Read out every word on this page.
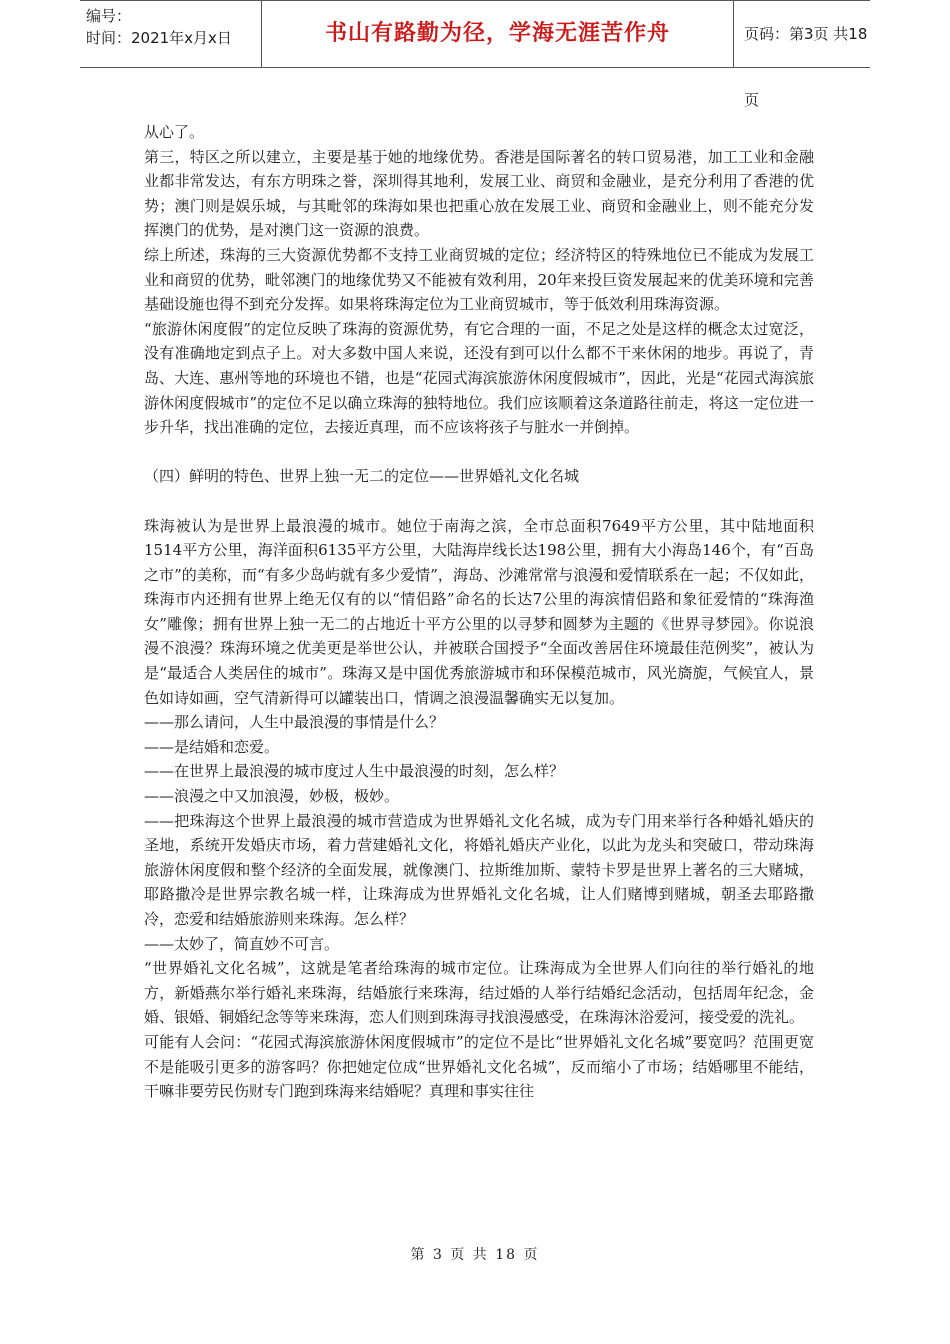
编号：
时间：2021年x月x日	书山有路勤为径，学海无涯苦作舟	页码：第3页 共18页

从心了。

第三，特区之所以建立，主要是基于她的地缘优势。香港是国际著名的转口贸易港，加工工业和金融业都非常发达，有东方明珠之誉，深圳得其地利，发展工业、商贸和金融业，是充分利用了香港的优势；澳门则是娱乐城，与其毗邻的珠海如果也把重心放在发展工业、商贸和金融业上，则不能充分发挥澳门的优势，是对澳门这一资源的浪费。

综上所述，珠海的三大资源优势都不支持工业商贸城的定位；经济特区的特殊地位已不能成为发展工业和商贸的优势，毗邻澳门的地缘优势又不能被有效利用，20年来投巨资发展起来的优美环境和完善基础设施也得不到充分发挥。如果将珠海定位为工业商贸城市，等于低效利用珠海资源。

“旅游休闲度假”的定位反映了珠海的资源优势，有它合理的一面，不足之处是这样的概念太过宽泛，没有准确地定到点子上。对大多数中国人来说，还没有到可以什么都不干来休闲的地步。再说了，青岛、大连、惠州等地的环境也不错，也是“花园式海滨旅游休闲度假城市”，因此，光是“花园式海滨旅游休闲度假城市”的定位不足以确立珠海的独特地位。我们应该顺着这条道路往前走，将这一定位进一步升华，找出准确的定位，去接近真理，而不应该将孩子与脏水一并倒掉。

（四）鲜明的特色、世界上独一无二的定位——世界婚礼文化名城

珠海被认为是世界上最浪漫的城市。她位于南海之滨，全市总面积7649平方公里，其中陆地面积1514平方公里，海洋面积6135平方公里，大陆海岸线长达198公里，拥有大小海岛146个，有“百岛之市”的美称，而“有多少岛屿就有多少爱情”，海岛、沙滩常常与浪漫和爱情联系在一起；不仅如此，珠海市内还拥有世界上绝无仅有的以“情侣路”命名的长达7公里的海滨情侣路和象征爱情的“珠海渔女”雕像；拥有世界上独一无二的占地近十平方公里的以寻梦和圆梦为主题的《世界寻梦园》。你说浪漫不浪漫？珠海环境之优美更是举世公认，并被联合国授予“全面改善居住环境最佳范例奖”，被认为是“最适合人类居住的城市”。珠海又是中国优秀旅游城市和环保模范城市，风光旖旎，气候宜人，景色如诗如画，空气清新得可以罐装出口，情调之浪漫温馨确实无以复加。

——那么请问，人生中最浪漫的事情是什么？

——是结婚和恋爱。

——在世界上最浪漫的城市度过人生中最浪漫的时刻，怎么样？

——浪漫之中又加浪漫，妙极，极妙。

——把珠海这个世界上最浪漫的城市营造成为世界婚礼文化名城，成为专门用来举行各种婚礼婚庆的圣地，系统开发婚庆市场，着力营建婚礼文化，将婚礼婚庆产业化，以此为龙头和突破口，带动珠海旅游休闲度假和整个经济的全面发展，就像澳门、拉斯维加斯、蒙特卡罗是世界上著名的三大赌城，耶路撒冷是世界宗教名城一样，让珠海成为世界婚礼文化名城，让人们赌博到赌城，朝圣去耶路撒冷，恋爱和结婚旅游则来珠海。怎么样？

——太妙了，简直妙不可言。

“世界婚礼文化名城”，这就是笔者给珠海的城市定位。让珠海成为全世界人们向往的举行婚礼的地方，新婚燕尔举行婚礼来珠海，结婚旅行来珠海，结过婚的人举行结婚纪念活动，包括周年纪念，金婚、银婚、铜婚纪念等等来珠海，恋人们则到珠海寻找浪漫感受，在珠海沐浴爱河，接受爱的洗礼。

可能有人会问：“花园式海滨旅游休闲度假城市”的定位不是比“世界婚礼文化名城”要宽吗？范围更宽不是能吸引更多的游客吗？你把她定位成“世界婚礼文化名城”，反而缩小了市场；结婚哪里不能结，干嘛非要劳民伤财专门跑到珠海来结婚呢？真理和事实往往

第 3 页 共 18 页
